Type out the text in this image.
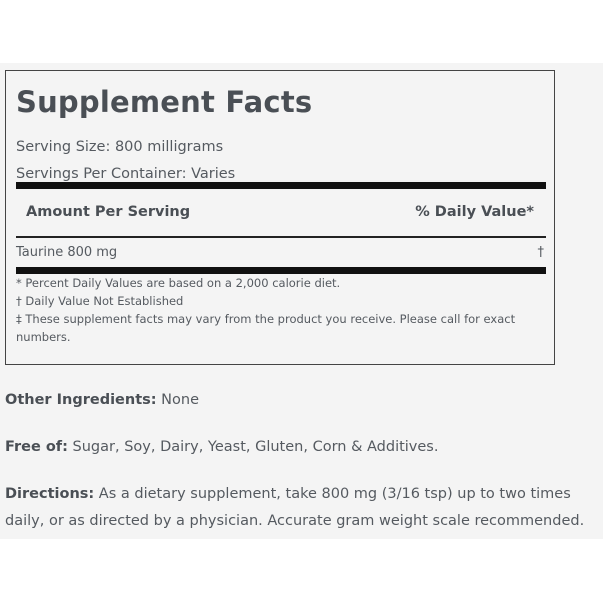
Supplement Facts
Serving Size: 800 milligrams
Servings Per Container: Varies
Amount Per Serving	% Daily Value*
Taurine 800 mg	†
* Percent Daily Values are based on a 2,000 calorie diet.
† Daily Value Not Established
‡ These supplement facts may vary from the product you receive. Please call for exact numbers.
Other Ingredients: None
Free of: Sugar, Soy, Dairy, Yeast, Gluten, Corn & Additives.
Directions: As a dietary supplement, take 800 mg (3/16 tsp) up to two times daily, or as directed by a physician. Accurate gram weight scale recommended.
